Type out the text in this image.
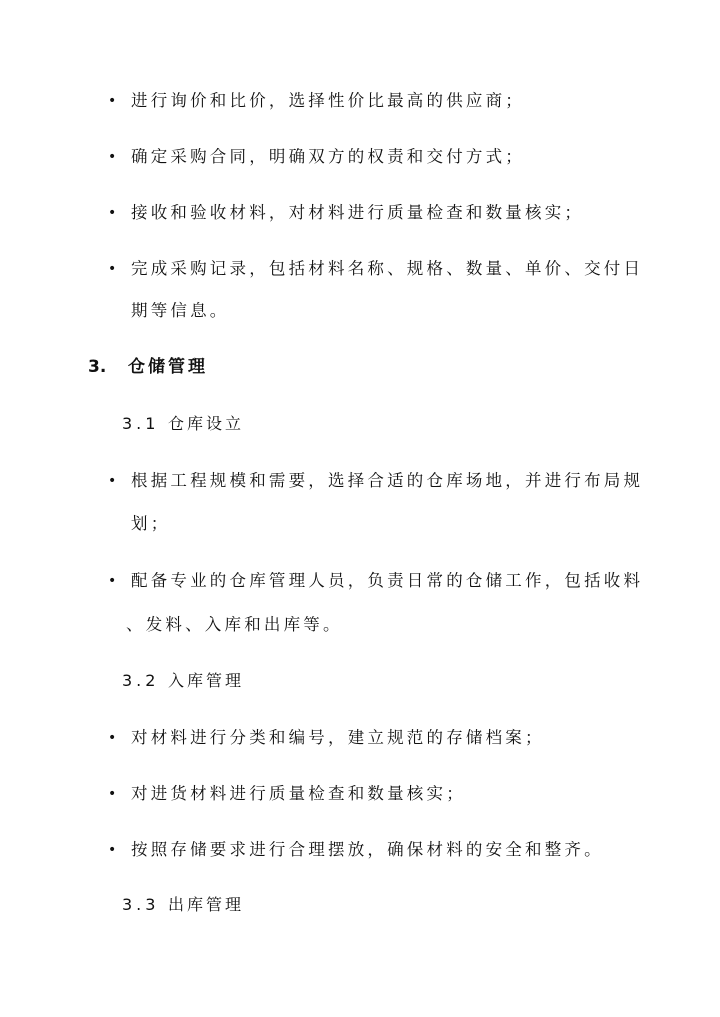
• 进行询价和比价，选择性价比最高的供应商；
• 确定采购合同，明确双方的权责和交付方式；
• 接收和验收材料，对材料进行质量检查和数量核实；
• 完成采购记录，包括材料名称、规格、数量、单价、交付日
期等信息。
3. 仓储管理
3.1 仓库设立
• 根据工程规模和需要，选择合适的仓库场地，并进行布局规
划；
• 配备专业的仓库管理人员，负责日常的仓储工作，包括收料
、发料、入库和出库等。
3.2 入库管理
• 对材料进行分类和编号，建立规范的存储档案；
• 对进货材料进行质量检查和数量核实；
• 按照存储要求进行合理摆放，确保材料的安全和整齐。
3.3 出库管理
